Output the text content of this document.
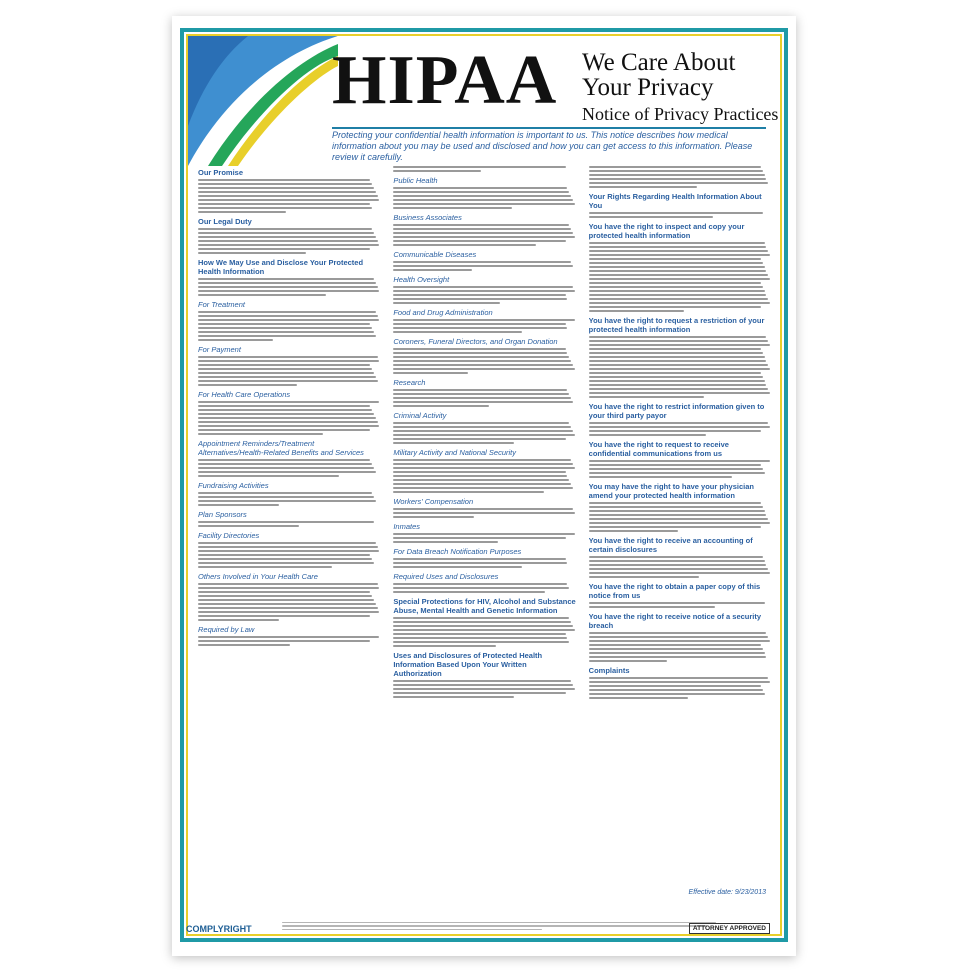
HIPAA We Care About
Your Privacy
Notice of Privacy Practices
Protecting your confidential health information is important to us. This notice describes how medical information about you may be used and disclosed and how you can get access to this information. Please review it carefully.
Our Promise
Our Legal Duty
How We May Use and Disclose Your Protected Health Information
For Treatment
For Payment
For Health Care Operations
Appointment Reminders/Treatment Alternatives/Health-Related Benefits and Services
Fundraising Activities
Plan Sponsors
Facility Directories
Others Involved in Your Health Care
Required by Law
Public Health
Business Associates
Communicable Diseases
Health Oversight
Food and Drug Administration
Coroners, Funeral Directors, and Organ Donation
Research
Criminal Activity
Military Activity and National Security
Workers' Compensation
Inmates
For Data Breach Notification Purposes
Required Uses and Disclosures
Special Protections for HIV, Alcohol and Substance Abuse, Mental Health and Genetic Information
Uses and Disclosures of Protected Health Information Based Upon Your Written Authorization
Your Rights Regarding Health Information About You
You have the right to inspect and copy your protected health information
You have the right to request a restriction of your protected health information
You have the right to restrict information given to your third party payor
You have the right to request to receive confidential communications from us
You may have the right to have your physician amend your protected health information
You have the right to receive an accounting of certain disclosures
You have the right to obtain a paper copy of this notice from us
You have the right to receive notice of a security breach
Complaints
Effective date: 9/23/2013
COMPLYRIGHT	ATTORNEY APPROVED
